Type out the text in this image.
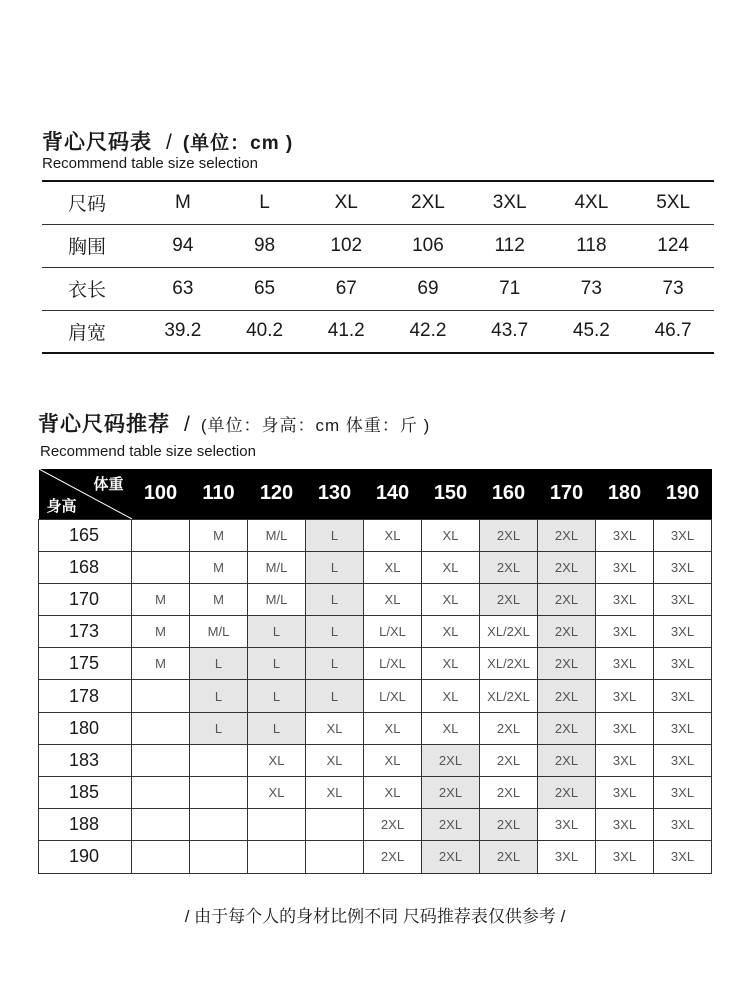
背心尺码表 / (单位：cm )
Recommend table size selection
尺码	M	L	XL	2XL	3XL	4XL	5XL
胸围	94	98	102	106	112	118	124
衣长	63	65	67	69	71	73	73
肩宽	39.2	40.2	41.2	42.2	43.7	45.2	46.7
背心尺码推荐 / (单位：身高：cm 体重：斤 )
Recommend table size selection
体重
身高	100	110	120	130	140	150	160	170	180	190
165		M	M/L	L	XL	XL	2XL	2XL	3XL	3XL
168		M	M/L	L	XL	XL	2XL	2XL	3XL	3XL
170	M	M	M/L	L	XL	XL	2XL	2XL	3XL	3XL
173	M	M/L	L	L	L/XL	XL	XL/2XL	2XL	3XL	3XL
175	M	L	L	L	L/XL	XL	XL/2XL	2XL	3XL	3XL
178		L	L	L	L/XL	XL	XL/2XL	2XL	3XL	3XL
180		L	L	XL	XL	XL	2XL	2XL	3XL	3XL
183			XL	XL	XL	2XL	2XL	2XL	3XL	3XL
185			XL	XL	XL	2XL	2XL	2XL	3XL	3XL
188					2XL	2XL	2XL	3XL	3XL	3XL
190					2XL	2XL	2XL	3XL	3XL	3XL
/ 由于每个人的身材比例不同 尺码推荐表仅供参考 /
